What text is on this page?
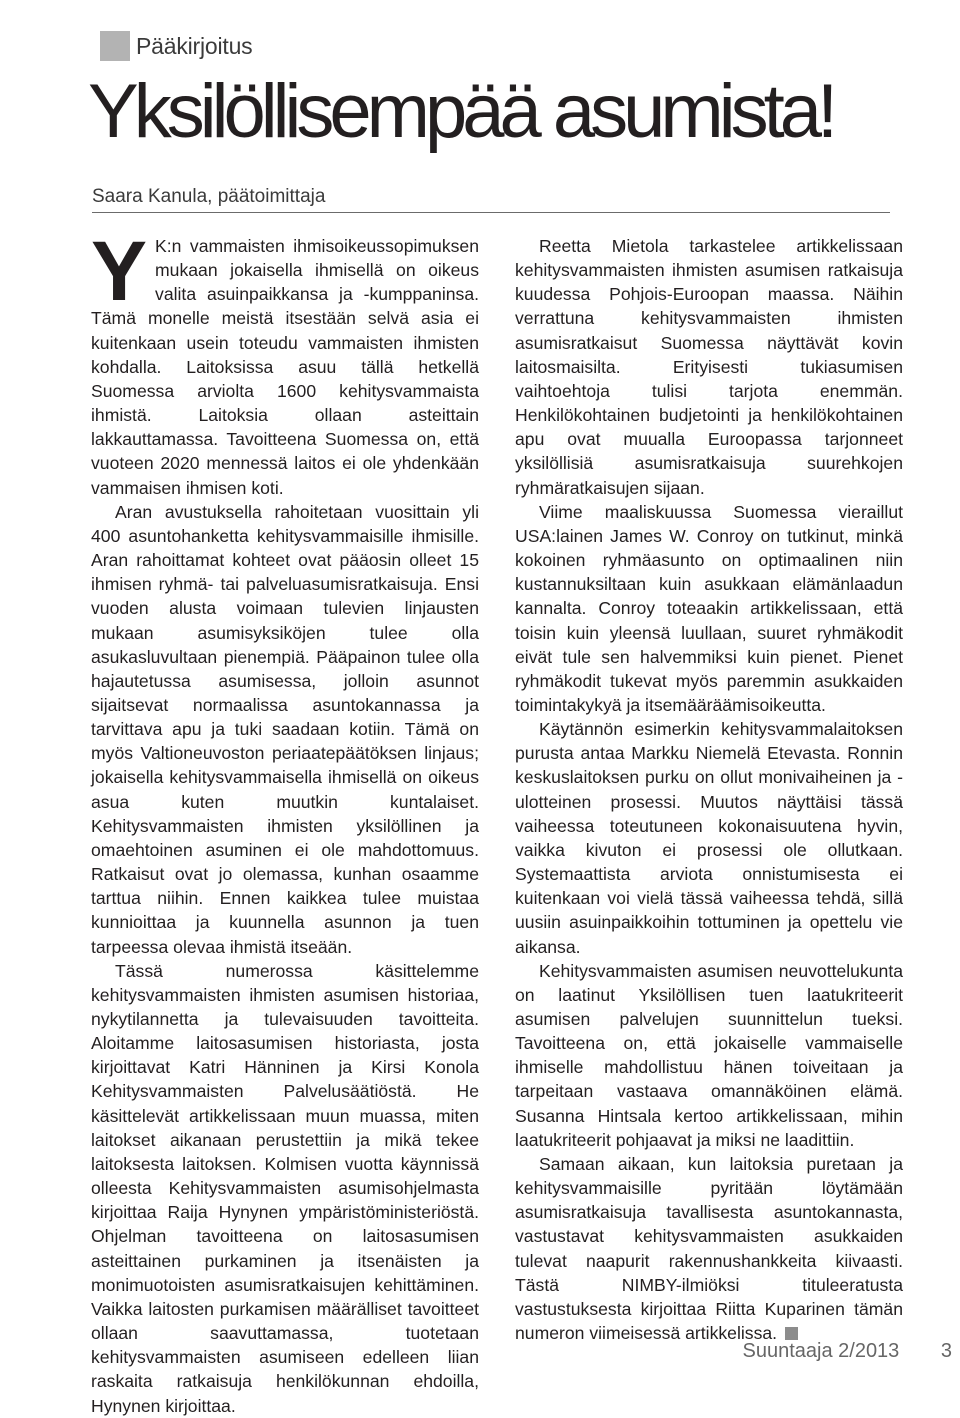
Pääkirjoitus
Yksilöllisempää asumista!
Saara Kanula, päätoimittaja

Y K:n vammaisten ihmisoikeussopimuksen mukaan jokaisella ihmisellä on oikeus valita asuinpaikkansa ja -kumppaninsa. Tämä monelle meistä itsestään selvä asia ei kuitenkaan usein toteudu vammaisten ihmisten kohdalla. Laitoksissa asuu tällä hetkellä Suomessa arviolta 1600 kehitysvammaista ihmistä. Laitoksia ollaan asteittain lakkauttamassa. Tavoitteena Suomessa on, että vuoteen 2020 mennessä laitos ei ole yhdenkään vammaisen ihmisen koti.

Aran avustuksella rahoitetaan vuosittain yli 400 asuntohanketta kehitysvammaisille ihmisille. Aran rahoittamat kohteet ovat pääosin olleet 15 ihmisen ryhmä- tai palveluasumisratkaisuja. Ensi vuoden alusta voimaan tulevien linjausten mukaan asumisyksiköjen tulee olla asukasluvultaan pienempiä. Pääpainon tulee olla hajautetussa asumisessa, jolloin asunnot sijaitsevat normaalissa asuntokannassa ja tarvittava apu ja tuki saadaan kotiin. Tämä on myös Valtioneuvoston periaatepäätöksen linjaus; jokaisella kehitysvammaisella ihmisellä on oikeus asua kuten muutkin kuntalaiset. Kehitysvammaisten ihmisten yksilöllinen ja omaehtoinen asuminen ei ole mahdottomuus. Ratkaisut ovat jo olemassa, kunhan osaamme tarttua niihin. Ennen kaikkea tulee muistaa kunnioittaa ja kuunnella asunnon ja tuen tarpeessa olevaa ihmistä itseään.

Tässä numerossa käsittelemme kehitysvammaisten ihmisten asumisen historiaa, nykytilannetta ja tulevaisuuden tavoitteita. Aloitamme laitosasumisen historiasta, josta kirjoittavat Katri Hänninen ja Kirsi Konola Kehitysvammaisten Palvelusäätiöstä. He käsittelevät artikkelissaan muun muassa, miten laitokset aikanaan perustettiin ja mikä tekee laitoksesta laitoksen. Kolmisen vuotta käynnissä olleesta Kehitysvammaisten asumisohjelmasta kirjoittaa Raija Hynynen ympäristöministeriöstä. Ohjelman tavoitteena on laitosasumisen asteittainen purkaminen ja itsenäisten ja monimuotoisten asumisratkaisujen kehittäminen. Vaikka laitosten purkamisen määrälliset tavoitteet ollaan saavuttamassa, tuotetaan kehitysvammaisten asumiseen edelleen liian raskaita ratkaisuja henkilökunnan ehdoilla, Hynynen kirjoittaa.

Reetta Mietola tarkastelee artikkelissaan kehitysvammaisten ihmisten asumisen ratkaisuja kuudessa Pohjois-Euroopan maassa. Näihin verrattuna kehitysvammaisten ihmisten asumisratkaisut Suomessa näyttävät kovin laitosmaisilta. Erityisesti tukiasumisen vaihtoehtoja tulisi tarjota enemmän. Henkilökohtainen budjetointi ja henkilökohtainen apu ovat muualla Euroopassa tarjonneet yksilöllisiä asumisratkaisuja suurehkojen ryhmäratkaisujen sijaan.

Viime maaliskuussa Suomessa vieraillut USA:lainen James W. Conroy on tutkinut, minkä kokoinen ryhmäasunto on optimaalinen niin kustannuksiltaan kuin asukkaan elämänlaadun kannalta. Conroy toteaakin artikkelissaan, että toisin kuin yleensä luullaan, suuret ryhmäkodit eivät tule sen halvemmiksi kuin pienet. Pienet ryhmäkodit tukevat myös paremmin asukkaiden toimintakykyä ja itsemääräämisoikeutta.

Käytännön esimerkin kehitysvammalaitoksen purusta antaa Markku Niemelä Etevasta. Ronnin keskuslaitoksen purku on ollut monivaiheinen ja -ulotteinen prosessi. Muutos näyttäisi tässä vaiheessa toteutuneen kokonaisuutena hyvin, vaikka kivuton ei prosessi ole ollutkaan. Systemaattista arviota onnistumisesta ei kuitenkaan voi vielä tässä vaiheessa tehdä, sillä uusiin asuinpaikkoihin tottuminen ja opettelu vie aikansa.

Kehitysvammaisten asumisen neuvottelukunta on laatinut Yksilöllisen tuen laatukriteerit asumisen palvelujen suunnittelun tueksi. Tavoitteena on, että jokaiselle vammaiselle ihmiselle mahdollistuu hänen toiveitaan ja tarpeitaan vastaava omannäköinen elämä. Susanna Hintsala kertoo artikkelissaan, mihin laatukriteerit pohjaavat ja miksi ne laadittiin.

Samaan aikaan, kun laitoksia puretaan ja kehitysvammaisille pyritään löytämään asumisratkaisuja tavallisesta asuntokannasta, vastustavat kehitysvammaisten asukkaiden tulevat naapurit rakennushankkeita kiivaasti. Tästä NIMBY-ilmiöksi tituleeratusta vastustuksesta kirjoittaa Riitta Kuparinen tämän numeron viimeisessä artikkelissa.

Suuntaaja 2/2013 3
